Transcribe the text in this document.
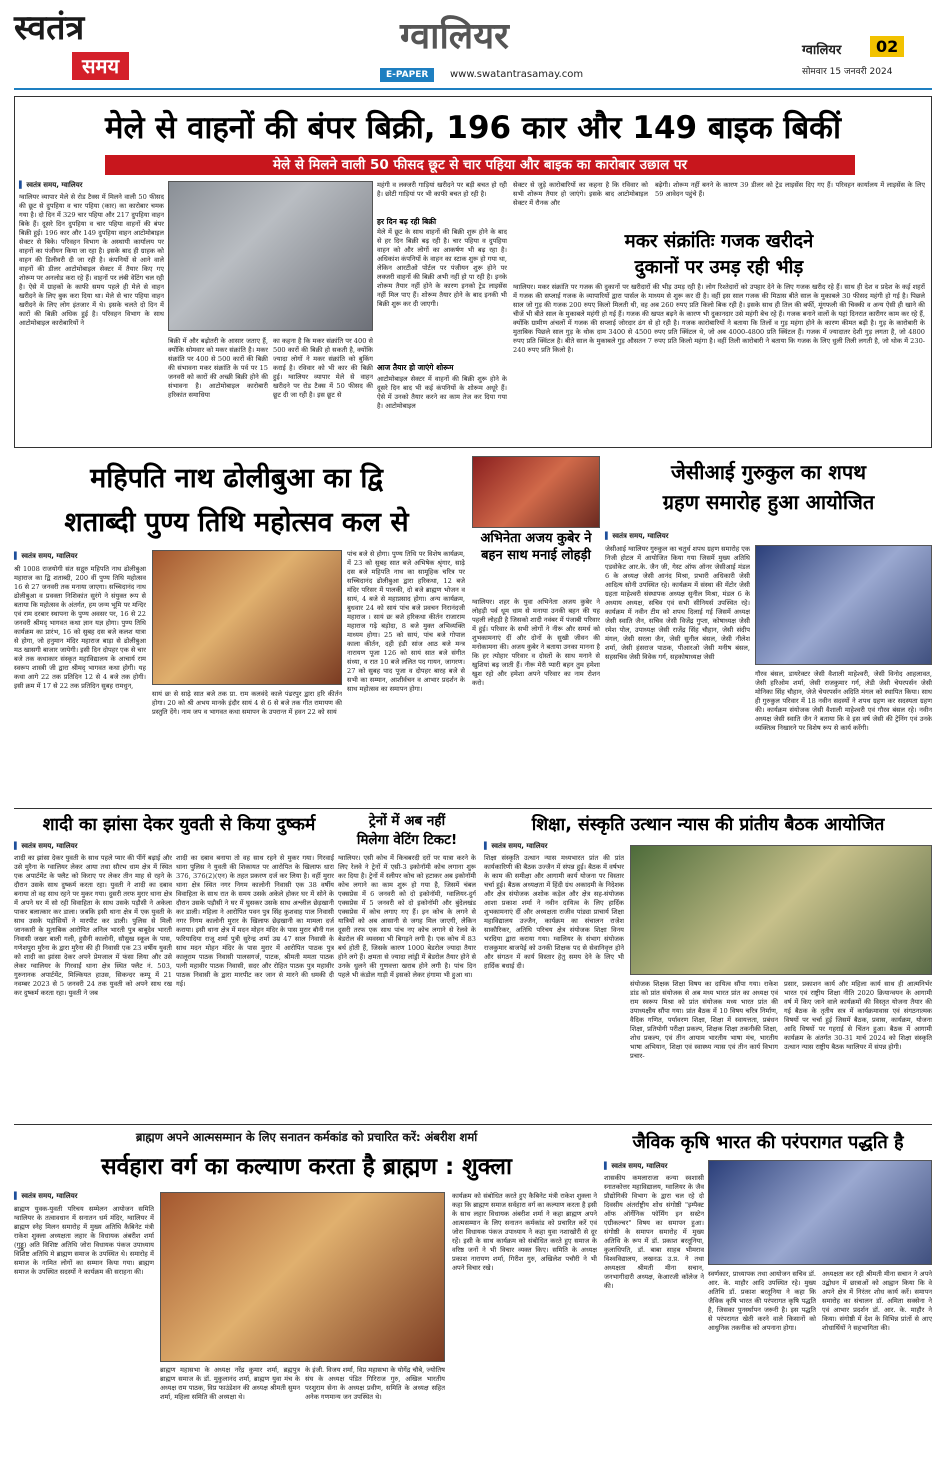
स्वतंत्र
समय
ग्वालियर
E-PAPER	www.swatantrasamay.com
ग्वालियर	02
सोमवार 15 जनवरी 2024
मेले से वाहनों की बंपर बिक्री, 196 कार और 149 बाइक बिकीं
मेले से मिलने वाली 50 फीसद छूट से चार पहिया और बाइक का कारोबार उछाल पर
▌ स्वतंत्र समय, ग्वालियर
ग्वालियर व्यापार मेले से रोड टैक्स में मिलने वाली 50 फीसद की छूट से दुपहिया व चार पहिया (कार) का कारोबार चमक गया है। दो दिन में 329 चार पहिया और 217 दुपहिया वाहन बिके हैं। दूसरे दिन दुपहिया व चार पहिया वाहनों की बंपर बिक्री हुई। 196 कार और 149 दुपहिया वाहन आटोमोबाइल सेक्टर से बिके। परिवहन विभाग के अस्थायी कार्यालय पर वाहनों का पंजीयन किया जा रहा है। इसके बाद ही ग्राहक को वाहन की डिलीवरी दी जा रही है। कंपनियों से आने वाले वाहनों की डीलर आटोमोबाइल सेक्टर में तैयार किए गए शोरूम पर अनलोड करा रहे हैं। वाहनों पर लंबी वेटिंग चल रही है। ऐसे में ग्राहकों के काफी समय पहले ही मेले से वाहन खरीदने के लिए बुक करा दिया था। मेले से चार पहिया वाहन खरीदने के लिए लोग इंतजार में थे। इसके चलते दो दिन में कारों की बिक्री अधिक हुई है। परिवहन विभाग के साथ आटोमोबाइल कारोबारियों ने
बिक्री में और बढ़ोतरी के आसार जताए हैं, क्योंकि सोमवार को मकर संक्रांति है। मकर संक्रांति पर 400 से 500 कारों की बिक्री की संभावना मकर संक्रांति के पर्व पर 15 जनवरी को कारों की अच्छी बिक्री होने की संभावना है। आटोमोबाइल कारोबारी हरिकांत समाधिया
का कहना है कि मकर संक्रांति पर 400 से 500 कारों की बिक्री हो सकती है, क्योंकि ज्यादा लोगों ने मकर संक्रांति को बुकिंग कराई है। रविवार को भी कार की बिक्री हुई। ग्वालियर व्यापार मेले से वाहन खरीदने पर रोड टैक्स में 50 फीसद की छूट दी जा रही है। इस छूट से
महंगी व लक्जरी गाड़ियां खरीदने पर बड़ी बचत हो रही है। छोटी गाड़ियां पर भी काफी बचत हो रही है।
हर दिन बढ़ रही बिक्री
मेले में छूट के साथ वाहनों की बिक्री शुरू होने के बाद से हर दिन बिक्री बढ़ रही है। चार पहिया व दुपहिया वाहन को और लोगों का आकर्षण भी बढ़ रहा है। अधिकांश कंपनियों के वाहन का स्टाक शुरू हो गया था, लेकिन आरटीओ पोर्टल पर पंजीयन शुरू होने पर लक्जरी वाहनों की बिक्री अभी नहीं हो पा रही है। इनके शोरूम तैयार नहीं होने के कारण इनको ट्रेड लाइसेंस नहीं मिल पाए हैं। शोरूम तैयार होने के बाद इनकी भी बिक्री शुरू कर दी जाएगी।
आज तैयार हो जाएंगे शोरूम
आटोमोबाइल सेक्टर में वाहनों की बिक्री शुरू होने के दूसरे दिन बाद भी कई कंपनियों के शोरूम अधूरे हैं। ऐसे में उनको तैयार करने का काम तेज कर दिया गया है। आटोमोबाइल
सेक्टर से जुड़े कारोबारियों का कहना है कि रविवार को सभी शोरूम तैयार हो जाएंगे। इसके बाद आटोमोबाइल सेक्टर में रौनक और
बढ़ेगी। शोरूम नहीं बनने के कारण 39 डीलर को ट्रेड लाइसेंस दिए गए हैं। परिवहन कार्यालय में लाइसेंस के लिए 59 आवेदन पहुंचे हैं।
मकर संक्रांतिः गजक खरीदने
दुकानों पर उमड़ रही भीड़
ग्वालियर। मकर संक्रांति पर गजक की दुकानों पर खरीदारों की भीड़ उमड़ रही है। लोग रिश्तेदारों को उपहार देने के लिए गजक खरीद रहे हैं। साथ ही देश व प्रदेश के कई शहरों में गजक की सप्लाई गजक के व्यापारियों द्वारा पार्सल के माध्यम से शुरू कर दी है। वहीं इस साल गजक की मिठास बीते साल के मुकाबले 30 फीसद महंगी हो गई है। पिछले साल जो गुड़ की गजक 200 रुपए किलो मिलती थी, वह अब 260 रुपए प्रति किलो बिक रही है। इसके साथ ही तिल की बर्फी, मूंगफली की चिक्की व अन्य ऐसी ही खाने की चीजें भी बीते साल के मुकाबले महंगी हो गई हैं। गजक की खपत बढ़ने के कारण भी दुकानदार उसे महंगी बेच रहे हैं। गजक बनाने वालों के यहां दिनरात कारीगर काम कर रहे हैं, क्योंकि ग्रामीण अंचलों में गजक की सप्लाई जोरदार ढंग से हो रही है। गजक कारोबारियों ने बताया कि तिलों व गुड़ महंगा होने के कारण कीमत बढ़ी है। गुड़ के कारोबारी के मुताबिक पिछले साल गुड़ के थोक दाम 3400 से 4500 रुपए प्रति क्विंटल थे, जो अब 4000-4800 प्रति क्विंटल हैं। गजक में ज्यादातर देशी गुड़ लगता है, जो 4800 रुपए प्रति क्विंटल है। बीते साल के मुकाबले गुड़ औसतन 7 रुपए प्रति किलो महंगा है। वहीं तिली कारोबारी ने बताया कि गजक के लिए धुली तिली लगती है, जो थोक में 230-240 रुपए प्रति किलो है।
महिपति नाथ ढोलीबुआ का द्वि
शताब्दी पुण्य तिथि महोत्सव कल से
▌ स्वतंत्र समय, ग्वालियर
श्री 1008 राजयोगी संत सद्गुरु महिपति नाथ ढोलीबुआ महाराज का द्वि शताब्दी, 200 वीं पुण्य तिथि महोत्सव 16 से 27 जनवरी तक मनाया जाएगा। सच्चिदानंद नाथ ढोलीबुआ व प्रवक्ता निशिकांत सुरंगे ने संयुक्त रूप से बताया कि महोत्सव के अंतर्गत, हम जन्म भूमि पर मन्दिर एवं राम दरबार स्थापना के पुण्य अवसर पर, 16 से 22 जनवरी श्रीमद् भागवत कथा ज्ञान यज्ञ होगा। पुण्य तिथि कार्यक्रम का प्रारंभ, 16 को सुबह दस बजे कलश यात्रा से होगा, जो हनुमान मंदिर महाराज बाड़ा से ढोलीबुआ मठ खासगी बाजार जायेगी। इसी दिन दोपहर एक से चार बजे तक कथाकार संस्कृत महाविद्यालय के आचार्य राम स्वरूप शास्त्री जी द्वारा श्रीमद् भागवत कथा होगी। यह कथा आगे 22 तक प्रतिदिन 12 से 4 बजे तक होगी। इसी क्रम में 17 से 22 तक प्रतिदिन सुबह रामधुन,
सायं छः से साढ़े सात बजे तक प्रा. राम कलवंदे काले पंढरपुर द्वारा हरि कीर्तन होगा। 20 को श्री अभय मानके इंदौर सायं 4 से 6 से बजे तक गीत रामायण की प्रस्तुति देंगे। नाम जप व भागवत कथा समापन के उपरान्त में हवन 22 को सायं
पांच बजे से होगा। पुण्य तिथि पर विशेष कार्यक्रम, में 23 को सुबह सात बजे अभिषेक श्रृंगार, साढ़े दस बजे महिपति नाथ का सामूहिक चरित्र पर सच्चिदानंद ढोलीबुआ द्वारा हरिकथा, 12 बजे मंदिर परिसर में पालकी, दो बजे ब्राह्मण भोजन व सायं, 4 बजे से महाप्रसाद होगा। अन्य कार्यक्रम, बुधवार 24 को सायं पांच बजे प्रवचन निरानंदजी महाराज । सायं छः बजे हरिकथा कीर्तन राजाराम महाराज गढ़े बड़ोदा, 8 बजे मुक्त अभिव्यक्ति माध्यम होगा। 25 को सायं, पांच बजे गोपाल काला कीर्तन, दही हंडी सांज आठ बजे मन्त्र नारायण पूजा 126 को सायं सात बजे संगीत संध्या, व रात 10 बजे ललित पद गायन, जागरण। 27 को सुबह पाद पूजा व दोपहर बारह बजे से सभी का सम्मान, आशीर्वचन व आभार प्रदर्शन के साथ महोत्सव का समापन होगा।
अभिनेता अजय कुबेर ने बहन साथ मनाई लोहड़ी
ग्वालियर। शहर के युवा अभिनेता अजय कुबेर ने लोहड़ी पर्व धूम धाम से मनाया उनकी बहन की यह पहली लोहड़ी है जिसको शादी नवंबर में पंजाबी परिवार में हुई। परिवार के सभी लोगों ने नीरू और समर्थ को शुभकामनाएं दीं और दोनों के सुखी जीवन की मनोकामना की। अजय कुबेर ने बताया उनका मानना है कि हर त्योहार परिवार व दोस्तों के साथ मनाने से खुशियां बढ़ जाती हैं। नीरू मेरी प्यारी बहन तुम हमेशा खुश रहो और हमेशा अपने परिवार का नाम रोशन करो।
जेसीआई गुरुकुल का शपथ
ग्रहण समारोह हुआ आयोजित
▌ स्वतंत्र समय, ग्वालियर
जेसीआई ग्वालियर गुरुकुल का चतुर्थ शपथ ग्रहण समारोह एक निजी होटल में आयोजित किया गया जिसमें मुख्य अतिथि एडवोकेट आर.के. जैन जी, गेस्ट ऑफ ऑनर जेसीआई मंडल 6 के अध्यक्ष जेसी आनंद मिश्रा, प्रभारी अधिकारी जेसी आदित्य सोनी उपस्थित रहे। कार्यक्रम में संस्था की मेंटोर जेसी ग्रहता माहेश्वरी संस्थापक अध्यक्ष सुनील मिश्रा, मंडल 6 के अध्याय अध्यक्ष, सचिव एवं सभी सीनियर्स उपस्थित रहे। कार्यक्रम में नवीन टीम को शपथ दिलाई गई जिसमें अध्यक्ष जेसी स्वाति जैन, सचिव जेसी विजेंद्र गुप्ता, कोषाध्यक्ष जेसी रमेश पोल, उपाध्यक्ष जेसी राजेंद्र सिंह चौहान, जेसी संदीप मंगल, जेसी सरला जैन, जेसी सुनील बंसल, जेसी नीलेश शर्मा, जेसी हंसराज पाठक, पीआरओ जेसी मनीष बंसल, सहसचिव जेसी विवेक गर्ग, सहकोषाध्यक्ष जेसी
गौरव बंसल, डायरेक्टर जेसी वैशाली माहेश्वरी, जेसी विनोद आहलावत, जेसी हरिओम शर्मा, जेसी राजकुमार गर्ग, लेडी जेसी चेयरपर्सन जेसी मोनिका सिंह चौहान, जेजे चेयरपर्सन अदिति मंगल को स्थापित किया। साथ ही गुरुकुल परिवार में 18 नवीन सदस्यों ने शपथ ग्रहण कर सदस्यता ग्रहण की। कार्यक्रम संयोजक जेसी वैशाली माहेश्वरी एवं गौरव बंसल रहे। नवीन अध्यक्ष जेसी स्वाति जैन ने बताया कि वे इस वर्ष जेसी की ट्रेनिंग एवं उनके व्यक्तित्व निखारने पर विशेष रूप से कार्य करेंगी।
शादी का झांसा देकर युवती से किया दुष्कर्म
▌ स्वतंत्र समय, ग्वालियर
शादी का झांसा देकर युवती के साथ पहले प्यार की पींगें बढ़ाई और उसे मुरैना के ग्वालियर लेकर आया तथा सौरभ धाम क्षेत्र में स्थित एक अपार्टमेंट के फ्लैट को किराए पर लेकर तीन माह से रहने के दौरान उसके साथ दुष्कर्म करता रहा। युवती ने शादी का दबाव बनाया तो वह साथ रहने पर मुकर गया। दुसरी तरफ मुरार थाना क्षेत्र में अपने घर में सो रही विवाहिता के साथ उसके पड़ौसी ने अकेला पाकर बलात्कार कर डाला। जबकि इसी थाना क्षेत्र में एक युवती के साथ उसके पड़ोसियों ने मारपीट कर डाली। पुलिस से मिली जानकारी के मुताबिक आरोपित अनिल भारती पुत्र बाबूदेव भारती निवासी जखर बाली गली, हुसैनी कालोनी, सौसुख स्कूल के पास, गणेशपुरा मुरैना के द्वारा मुरैना की ही निवासी एक 23 वर्षीय युवती को शादी का झांसा देकर अपने प्रेमजाल में फंसा लिया और उसे लेकर ग्वालियर के गिरवाईं थाना क्षेत्र स्थित फ्लैट नं. 503, गुरुनानक अपार्टमेंट, मिल्कियत हाउस, सिकन्दर कम्पू में 21 नवम्बर 2023 से 5 जनवरी 24 तक युवती को अपने साथ रख कर दुष्कर्म करता रहा। युवती ने जब
शादी का दबाव बनाया तो वह साथ रहने से मुकर गया। गिरवाईं थाना पुलिस ने युवती की शिकायत पर आरोपित के खिलाफ धारा 376, 376(2)(एन) के तहत प्रकरण दर्ज कर लिया है। वहीं मुरार थाना क्षेत्र स्थित नगर निगम कालोनी निवासी एक 38 वर्षीय विवाहिता के साथ रात के समय उसके अकेले होकर घर में सोने के दौरान उसके पड़ौसी ने घर में घुसकर उसके साथ अश्लील छेड़खानी कर डाली। महिला ने आरोपित पवन पुत्र सिंह कुशवाह पाल निवासी नगर निगम कालोनी मुरार के खिलाफ छेड़खानी का मामला दर्ज कराया। इसी थाना क्षेत्र में मदन मोहन मंदिर के पास मुरार बौनी गल फरियादिया राजू शर्मा पुत्री सुरेन्द्र शर्मा उम्र 47 साल निवासी के साथ मदन मोहन मंदिर के पास मुरार में आरोपित पाठक पुत्र कालूराम पाठक निवासी पालसगर्ज, पाटक, श्रीमती ममता पाठक पत्नी महावीर पाठक निवासी, सदर और रोहित पाठक पुत्र महावीर पाठक निवासी के द्वारा मारपीट कर जान से मारने की धमकी दी गई।
ट्रेनों में अब नहीं
मिलेगा वेटिंग टिकट!
ग्वालियर। एसी कोच में किचबरदी दरों पर यात्रा करने के लिए रेलवे ने ट्रेनों में एसी-3 इकोनॉमी कोच लगाना शुरू कर दिया है। ट्रेनों में स्लीपर कोच को हटाकर अब इकोनॉमी कोच लगाने का काम शुरू हो गया है, जिसमें चंबल एक्सप्रेस में 6 जनवरी को दो इकोनॉमी, ग्वालियर-दुर्ग एक्सप्रेस में 5 जनवरी को दो इकोनॉमी और बुंदेलखंड एक्सप्रेस में कोच लगाए गए हैं। इन कोच के लगने से यात्रियों को अब आसानी से जगह मिल जाएगी, लेकिन दूसरी तरफ एक साथ पांच नए कोच लगाने से रेलवे के बेडरोल की व्यवस्था भी बिगड़ने लगी है। एक कोच में 83 बर्थ होती हैं, जिसके कारण 1000 बेडरोल ज्यादा तैयार होने लगे हैं। क्षमता से ज्यादा लांड्री में बेडरोल तैयार होने से उनके धुलने की गुणवत्ता खराब होने लगी है। पांच दिन पहले भी कंडोल गाड़ी में इसको लेकर हंगामा भी हुआ था।
शिक्षा, संस्कृति उत्थान न्यास की प्रांतीय बैठक आयोजित
▌ स्वतंत्र समय, ग्वालियर
शिक्षा संस्कृति उत्थान न्यास मध्यभारत प्रांत की प्रांत कार्यकारिणी की बैठक उज्जैन में संपन्न हुई। बैठक में वर्षभर के काम की समीक्षा और आगामी कार्य योजना पर विस्तार चर्चा हुई। बैठक अध्यक्षता में हिंदी ग्रंथ अकादमी के निदेशक और क्षेत्र संयोजक अशोक कड़ेल और क्षेत्र सह-संयोजक आशा प्रकाश शर्मा ने नवीन दायित्व के लिए हार्दिक शुभकामनाएं दीं और अध्यक्षता राजीव पांड्या प्राचार्य शिक्षा महाविद्यालय उज्जैन, कार्यक्रम का संचालन राजेश साकौरिकर, अतिथि परिचय क्षेत्र संयोजक शिक्षा विनय भरदिया द्वारा कराया गया। ग्वालियर के संभाग संयोजक राजकुमार बाजपेई को उनकी शिक्षक पद से सेवानिवृत्त होने और संगठन में कार्य विस्तार हेतु समय देने के लिए भी हार्दिक बधाई दी।
संयोजक शिक्षक शिक्षा विषय का दायित्व सौंपा गया। राकेश डांड को प्रांत संयोजक से अब मध्य भारत प्रांत का अध्यक्ष एवं राम स्वरूप मिश्रा को प्रांत संयोजक मध्य भारत प्रांत की उपाध्यक्षीय सौंपा गया। प्रांत बैठक में 10 विषय चरित्र निर्माण, वैदिक गणित, पर्यावरण शिक्षा, शिक्षा में स्वायत्तता, प्रबंधन शिक्षा, प्रतियोगी परीक्षा प्रकल्प, शिक्षक शिक्षा तकनीकी शिक्षा, शोध प्रकल्प, एवं तीन आयाम भारतीय भाषा मंच, भारतीय भाषा अभियान, शिक्षा एवं स्वास्थ्य न्यास एवं तीन कार्य विभाग प्रचार-
प्रसार, प्रकाशन कार्य और महिला कार्य साथ ही आत्मनिर्भर भारत एवं राष्ट्रीय शिक्षा नीति 2020 क्रियान्वयन के आगामी वर्ष में किए जाने वाले कार्यक्रमों की विस्तृत योजना तैयार की गई बैठक के तृतीय सत्र में कार्यक्रमावास एवं संगठनात्मक विषयों पर चर्चा हुई जिसमें बैठक, प्रवास, कार्यक्रम, योजना आदि विषयों पर गहराई से चिंतन हुआ। बैठक में आगामी कार्यक्रम के अंतर्गत 30-31 मार्च 2024 को शिक्षा संस्कृति उत्थान न्यास राष्ट्रीय बैठक ग्वालियर में संपन्न होगी।
ब्राह्मण अपने आत्मसम्मान के लिए सनातन कर्मकांड को प्रचारित करें: अंबरीश शर्मा
सर्वहारा वर्ग का कल्याण करता है ब्राह्मण : शुक्ला
▌ स्वतंत्र समय, ग्वालियर
ब्राह्मण युवक-युवती परिचय सम्मेलन आयोजन समिति ग्वालियर के तत्वावधान में सनातन धर्म मंदिर, ग्वालियर में ब्राह्मण स्नेह मिलन समारोह में मुख्य अतिथि कैबिनेट मंत्री राकेश शुक्ला अध्यक्षता लहार के विधायक अंबरीश शर्मा (गुड्डू) अति विशिष्ट अतिथि जोरा विधायक पंकज उपाध्याय विशिष्ट अतिथि मे ब्राह्मण समाज के उपस्थित थे। समारोह में समाज के नामित लोगों का सम्मान किया गया। ब्राह्मण समाज के उपस्थित सदस्यों ने कार्यक्रम की सराहना की।
ब्राह्मण महासभा के अध्यक्ष नरेंद्र कुमार शर्मा, ब्रह्मपुत्र ब्राह्मण समाज के डॉ. मुकुलानंद शर्मा, ब्राह्मण युवा मंच के अध्यक्ष राम पाठक, विप्र फाउंडेशन की अध्यक्ष श्रीमती सुमन शर्मा, महिला समिति की अध्यक्षा थे।
के इंजी. विजय शर्मा, विप्र महासभा के योगेंद्र चौबे, ज्योतिष संघ के अध्यक्ष पंडित गिरिराज गुरु, अखिल भारतीय परशुराम सेना के अध्यक्ष प्रवीण, समिति के अध्यक्ष सहित अनेक गणमान्य जन उपस्थित थे।
कार्यक्रम को संबोधित करते हुए कैबिनेट मंत्री राकेश शुक्ला ने कहा कि ब्राह्मण समाज सर्वहारा वर्ग का कल्याण करता है इसी के साथ लहार विधायक अंबरीश शर्मा ने कहा ब्राह्मण अपने आत्मसम्मान के लिए सनातन कर्मकांड को प्रचारित करें एवं जोरा विधायक पंकज उपाध्याय ने कहा युवा नशाखोरी से दूर रहें। इसी के साथ कार्यक्रम को संबोधित करते हुए समाज के वरिष्ठ जनों ने भी विचार व्यक्त किए। समिति के अध्यक्ष प्रकाश नारायण शर्मा, गिरीश गुरु, अखिलेश पचौरी ने भी अपने विचार रखे।
जैविक कृषि भारत की परंपरागत पद्धति है
▌ स्वतंत्र समय, ग्वालियर
शासकीय कमलाराजा कन्या स्वशासी स्नातकोत्तर महाविद्यालय, ग्वालियर के जैव प्रौद्योगिकी विभाग के द्वारा चल रहे दो दिवसीय अंतर्राष्ट्रीय शोध संगोष्ठी "इम्पैक्ट ऑफ ऑर्गेनिक फॉर्मिंग इन सस्टेन एग्रीकल्चर" विषय का समापन हुआ। संगोष्ठी के समापन समारोह में मुख्य अतिथि के रूप में डॉ. प्रकाश बरतूनिया, कुलाधिपति, डॉ. बाबा साहब भीमराव विश्वविद्यालय, लखनऊ उ.प्र. ने तथा अध्यक्षता श्रीमती मीना सचान, जनभागीदारी अध्यक्ष, केआरजी कॉलेज ने की।
स्वर्णकार, प्राध्यापक तथा आयोजन सचिव डॉ. आर. के. माहौर आदि उपस्थित रहे। मुख्य अतिथि डॉ. प्रकाश बरतूनिया ने कहा कि जैविक कृषि भारत की परंपरागत कृषि पद्धति है, जिसका पुनर्स्थापन जरूरी है। इस पद्धति से परंपरागत खेती करने वाले किसानों को आधुनिक तकनीक को अपनाना होगा।
अध्यक्षता कर रही श्रीमती मीना सचान ने अपने उद्बोधन में छात्राओं को आह्वान किया कि वे अपने क्षेत्र में निरंतर शोध कार्य करें। समापन समारोह का संचालन डॉ. अमिता सक्सेना ने एवं आभार प्रदर्शन डॉ. आर. के. माहौर ने किया। संगोष्ठी में देश के विभिन्न प्रांतों से आए शोधार्थियों ने सहभागिता की।
